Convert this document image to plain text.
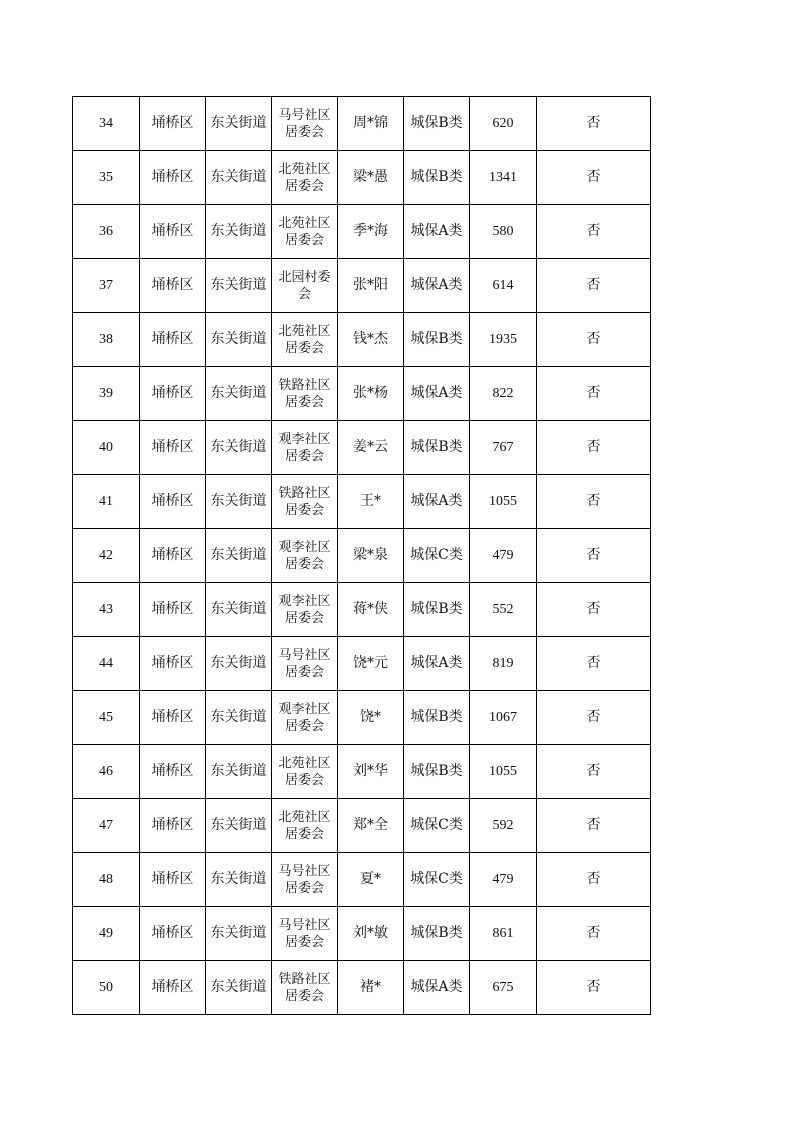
34	埇桥区	东关街道	马号社区居委会	周*锦	城保B类	620	否
35	埇桥区	东关街道	北苑社区居委会	梁*愚	城保B类	1341	否
36	埇桥区	东关街道	北苑社区居委会	季*海	城保A类	580	否
37	埇桥区	东关街道	北园村委会	张*阳	城保A类	614	否
38	埇桥区	东关街道	北苑社区居委会	钱*杰	城保B类	1935	否
39	埇桥区	东关街道	铁路社区居委会	张*杨	城保A类	822	否
40	埇桥区	东关街道	观李社区居委会	姜*云	城保B类	767	否
41	埇桥区	东关街道	铁路社区居委会	王*	城保A类	1055	否
42	埇桥区	东关街道	观李社区居委会	梁*泉	城保C类	479	否
43	埇桥区	东关街道	观李社区居委会	蒋*侠	城保B类	552	否
44	埇桥区	东关街道	马号社区居委会	饶*元	城保A类	819	否
45	埇桥区	东关街道	观李社区居委会	饶*	城保B类	1067	否
46	埇桥区	东关街道	北苑社区居委会	刘*华	城保B类	1055	否
47	埇桥区	东关街道	北苑社区居委会	郑*全	城保C类	592	否
48	埇桥区	东关街道	马号社区居委会	夏*	城保C类	479	否
49	埇桥区	东关街道	马号社区居委会	刘*敏	城保B类	861	否
50	埇桥区	东关街道	铁路社区居委会	褚*	城保A类	675	否
